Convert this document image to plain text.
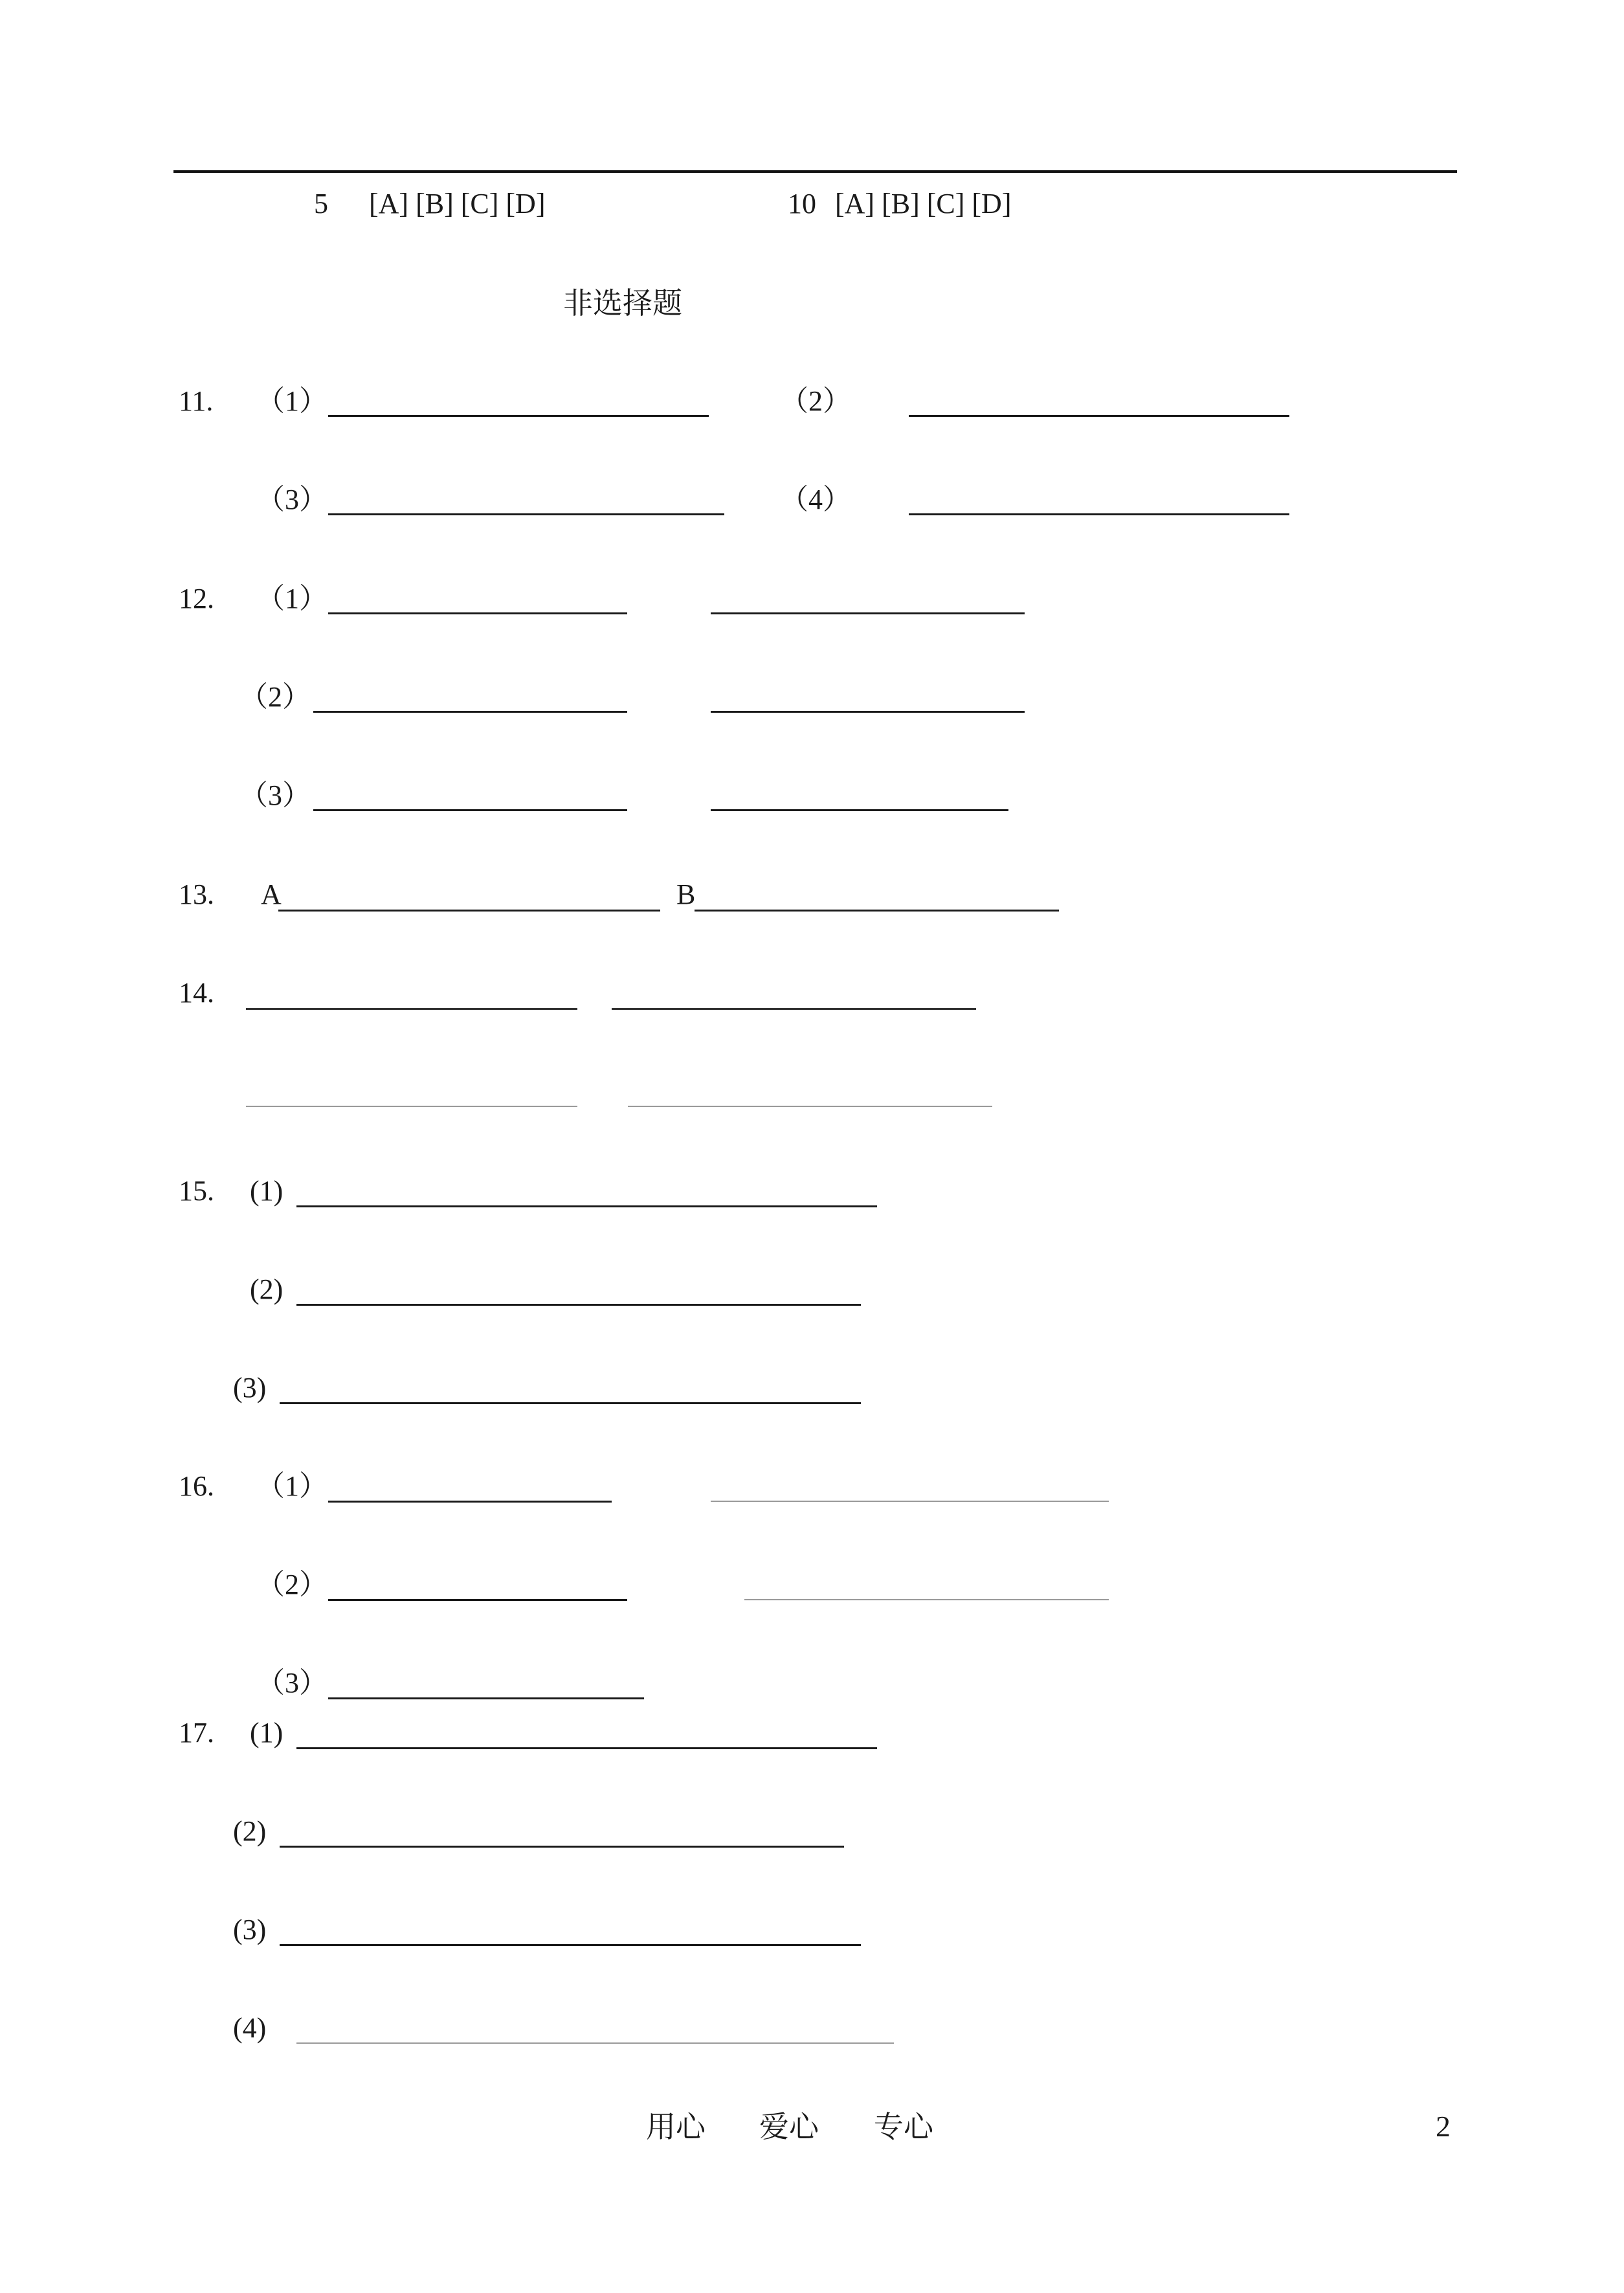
5 [A] [B] [C] [D]	10 [A] [B] [C] [D]
非选择题
11. （1）	（2）
（3）	（4）
12. （1）
（2）
（3）
13. A	B
14.
15. (1)
(2)
(3)
16. （1）
（2）
（3）
17. (1)
(2)
(3)
(4)
用心 爱心 专心	2
